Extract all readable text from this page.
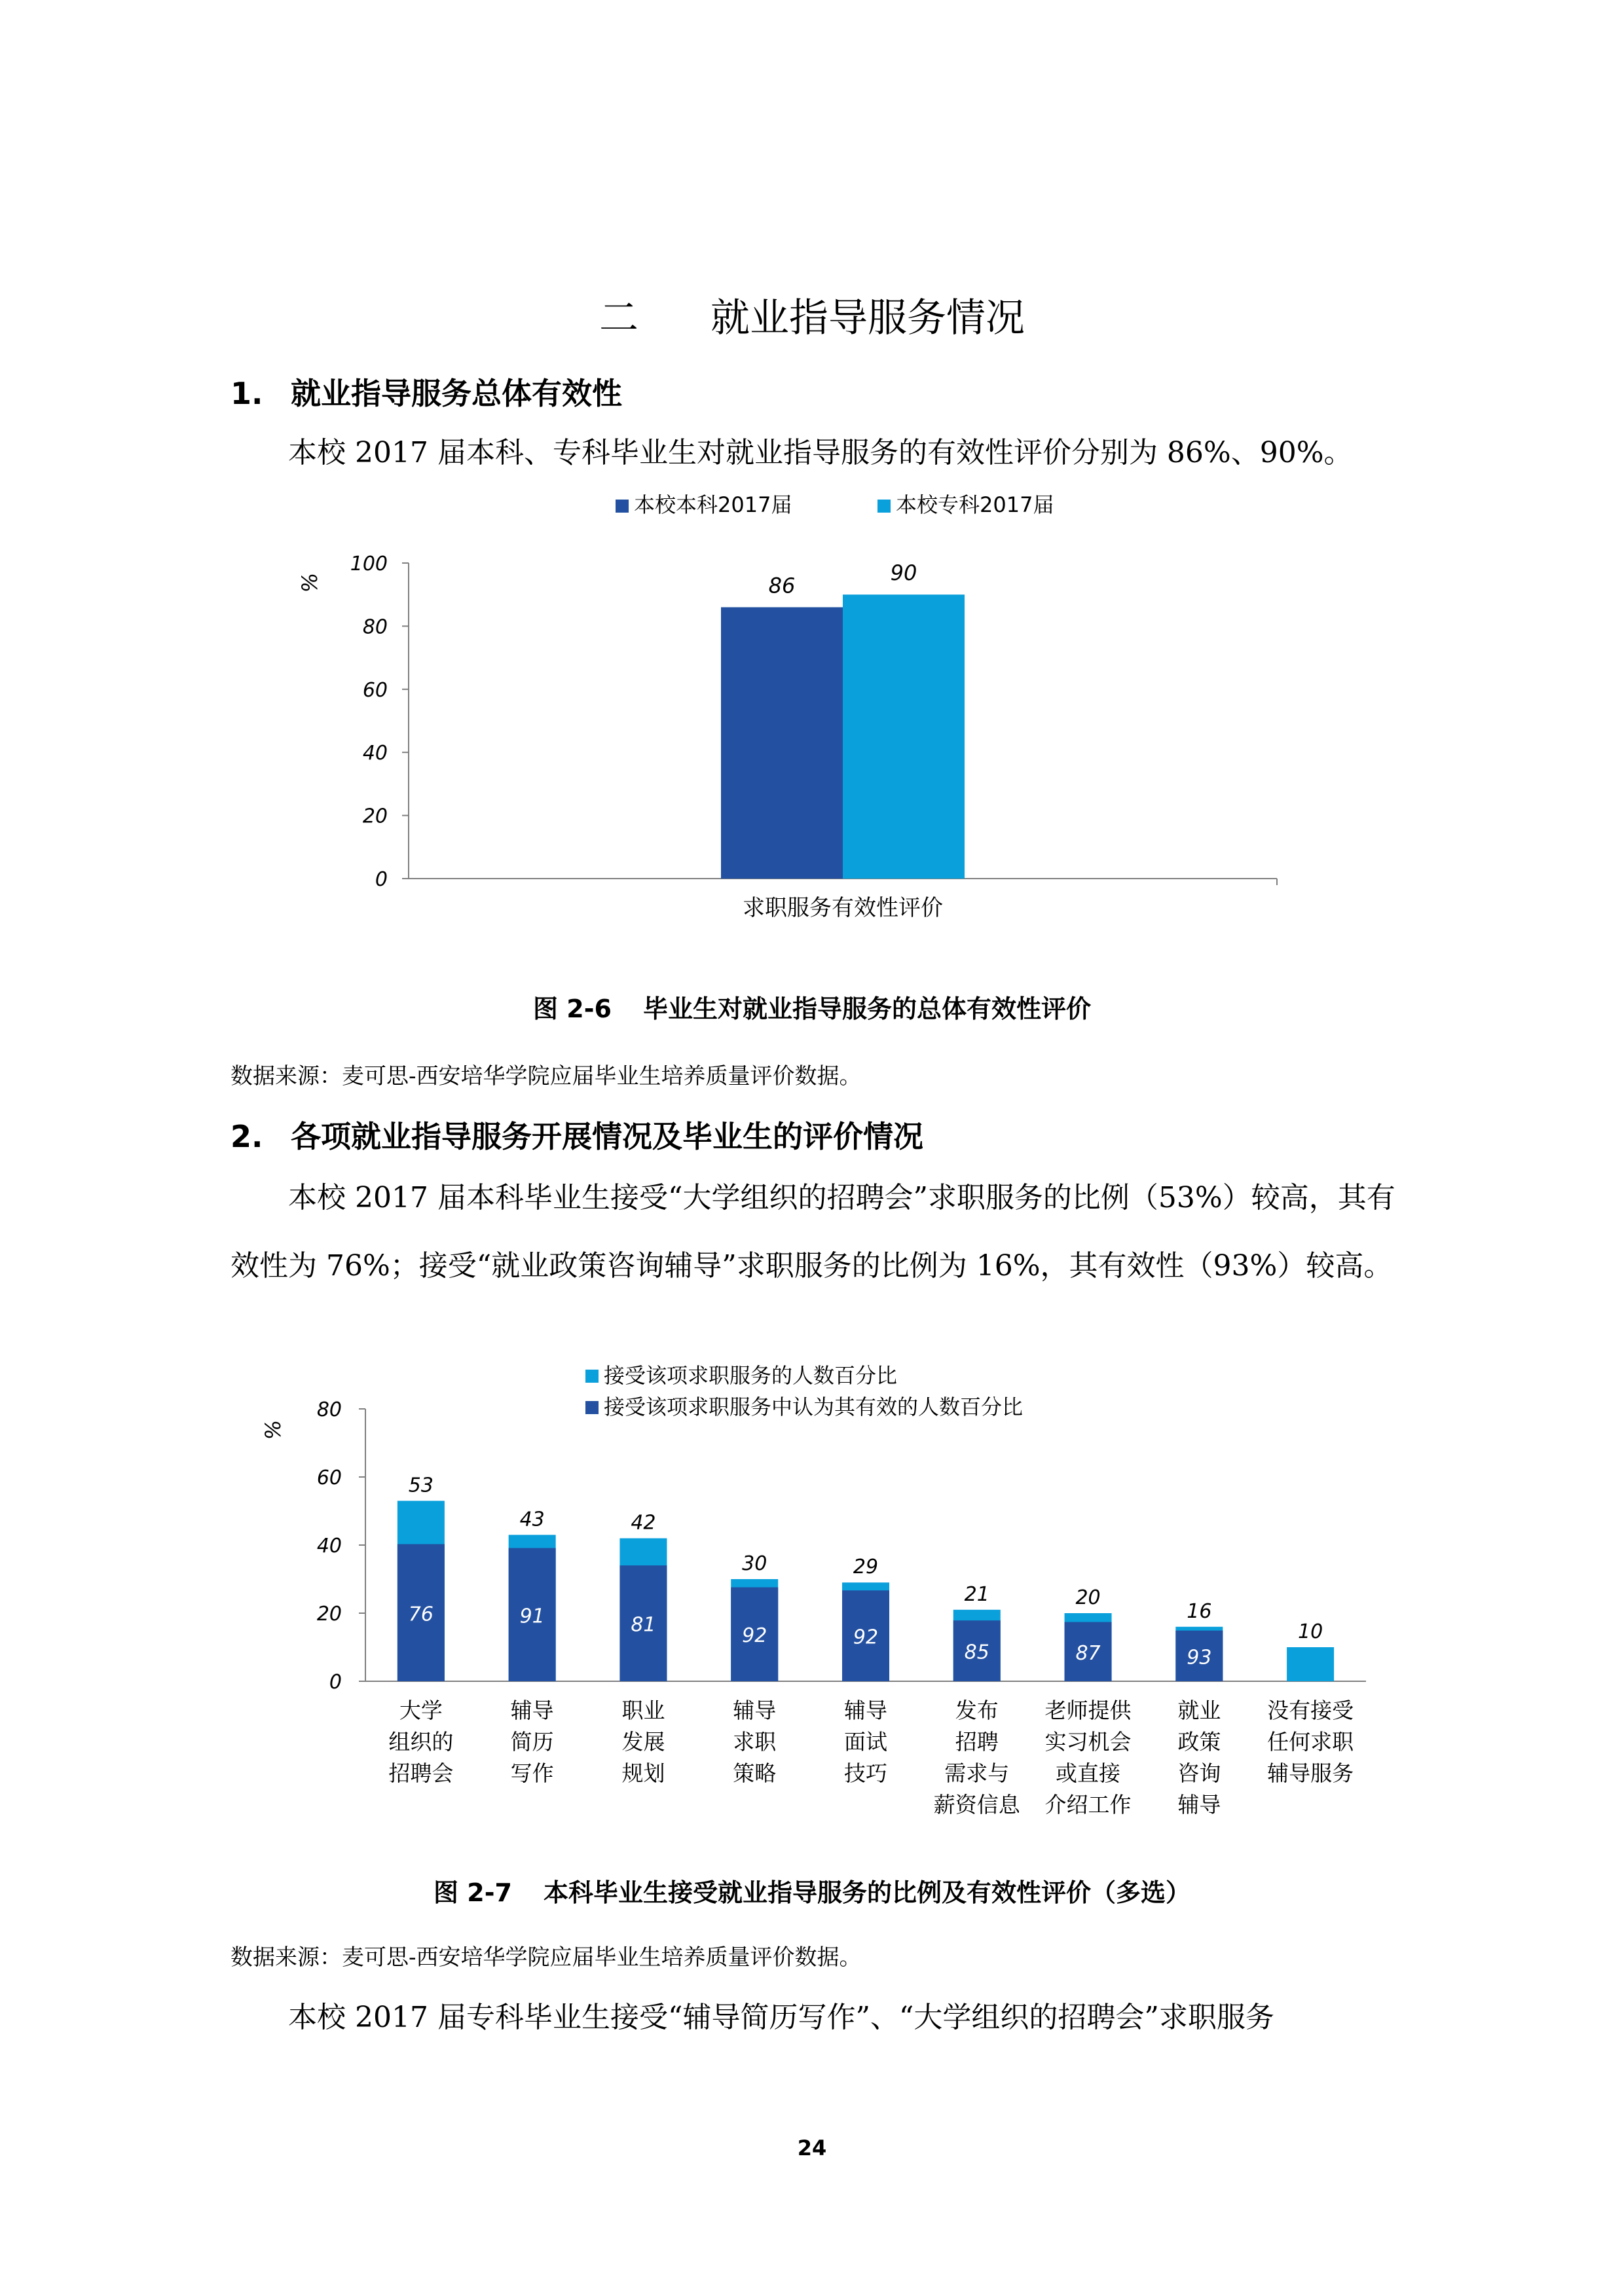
二 就业指导服务情况
1. 就业指导服务总体有效性
本校 2017 届本科、专科毕业生对就业指导服务的有效性评价分别为 86%、90%。
本校本科2017届	本校专科2017届
0
20
40
60
80
100
%	86
90
求职服务有效性评价
图 2-6 毕业生对就业指导服务的总体有效性评价
数据来源：麦可思-西安培华学院应届毕业生培养质量评价数据。
2. 各项就业指导服务开展情况及毕业生的评价情况
本校 2017 届本科毕业生接受“大学组织的招聘会”求职服务的比例（53%）较高，其有效性为 76%；接受“就业政策咨询辅导”求职服务的比例为 16%，其有效性（93%）较高。
接受该项求职服务的人数百分比
接受该项求职服务中认为其有效的人数百分比
0
20
40
60
80
%
76
53
91
43
81
42
92
30
92
29
85
21
87
20
93
16
10
大学
组织的
招聘会
辅导
简历
写作
职业
发展
规划
辅导
求职
策略
辅导
面试
技巧
发布
招聘
需求与
薪资信息
老师提供
实习机会
或直接
介绍工作
就业
政策
咨询
辅导
没有接受
任何求职
辅导服务
图 2-7 本科毕业生接受就业指导服务的比例及有效性评价（多选）
数据来源：麦可思-西安培华学院应届毕业生培养质量评价数据。
本校 2017 届专科毕业生接受“辅导简历写作”、“大学组织的招聘会”求职服务
24
